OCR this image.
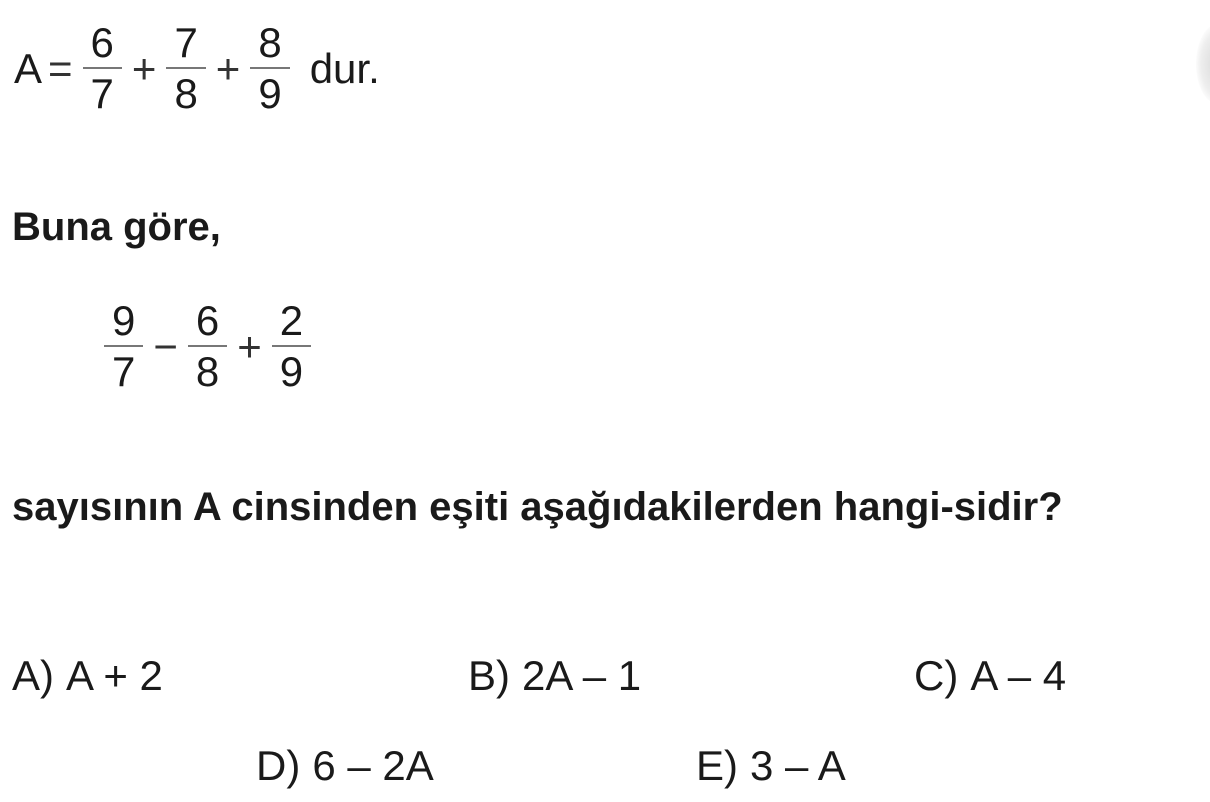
$A = \frac{6}{7} + \frac{7}{8} + \frac{8}{9}$ dur.

Buna göre,

$\frac{9}{7} - \frac{6}{8} + \frac{2}{9}$

sayısının A cinsinden eşiti aşağıdakilerden hangi-sidir?

A) A + 2	B) 2A – 1	C) A – 4
D) 6 – 2A	E) 3 – A
